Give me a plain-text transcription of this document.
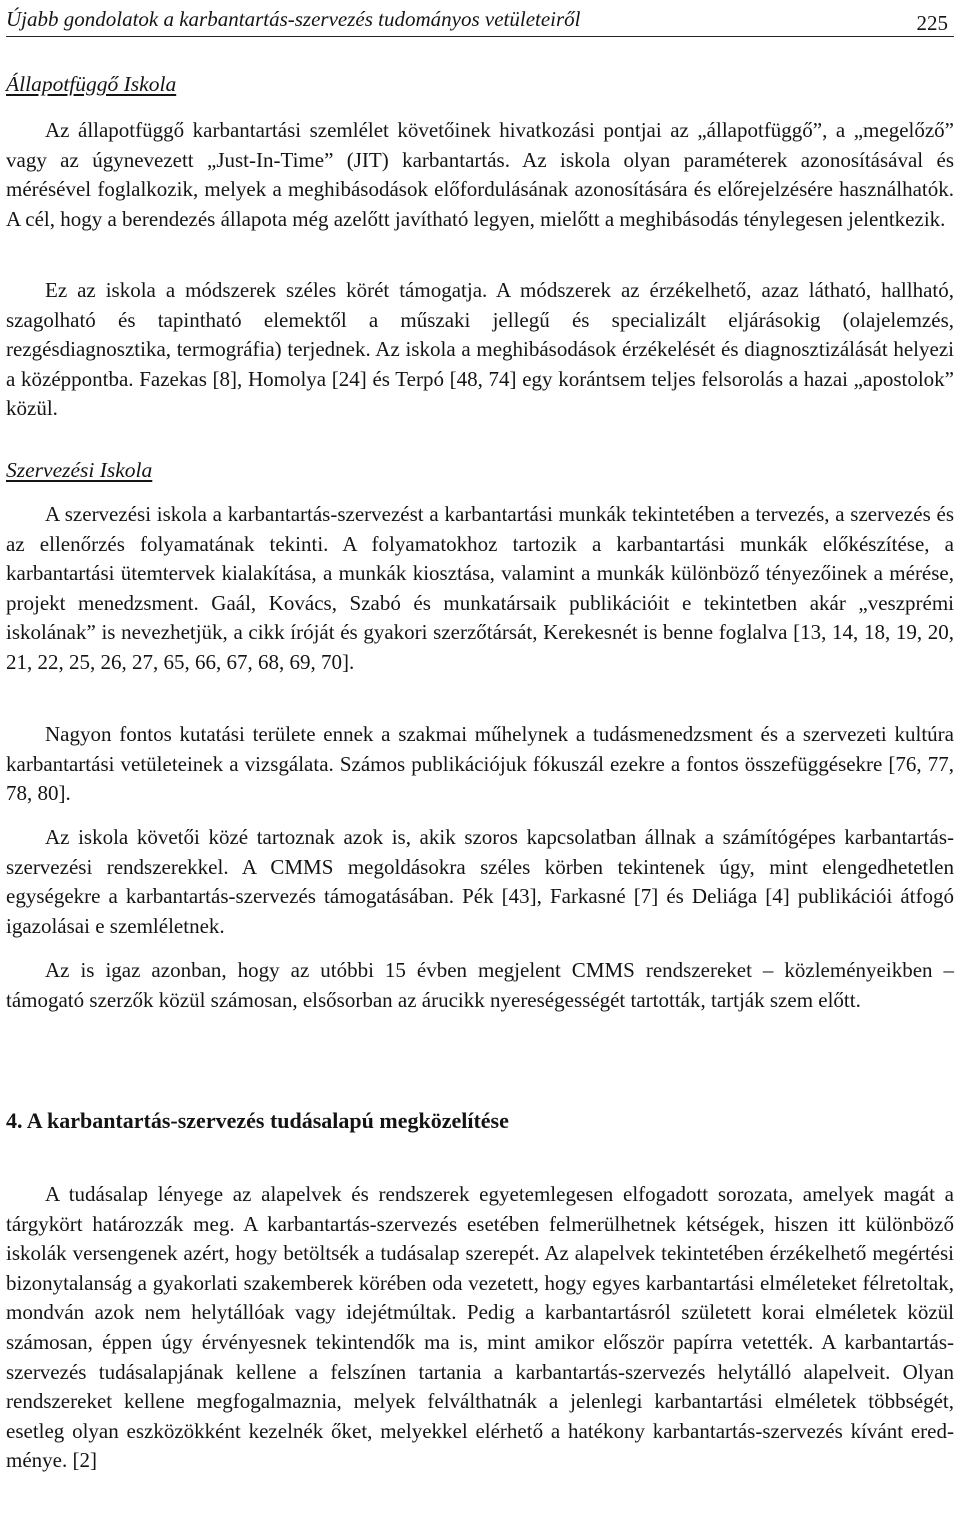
Újabb gondolatok a karbantartás-szervezés tudományos vetületeiről	225
Állapotfüggő Iskola

Az állapotfüggő karbantartási szemlélet követőinek hivatkozási pontjai az „állapotfüggő”, a „megelőző” vagy az úgynevezett „Just-In-Time” (JIT) karbantartás. Az iskola olyan paraméterek azonosításával és mérésével foglalkozik, melyek a meghibásodások előfordulásának azonosítására és előrejelzésére használhatók. A cél, hogy a berendezés állapota még azelőtt javítható legyen, mielőtt a meghibásodás ténylegesen jelentkezik.

Ez az iskola a módszerek széles körét támogatja. A módszerek az érzékelhető, azaz látható, hallható, szagolható és tapintható elemektől a műszaki jellegű és specializált eljárásokig (olajelemzés, rezgésdiagnosztika, termográfia) terjednek. Az iskola a meghibásodások érzékelését és diagnosztizálását helyezi a középpontba. Fazekas [8], Homolya [24] és Terpó [48, 74] egy korántsem teljes felsorolás a hazai „apostolok” közül.

Szervezési Iskola

A szervezési iskola a karbantartás-szervezést a karbantartási munkák tekintetében a tervezés, a szervezés és az ellenőrzés folyamatának tekinti. A folyamatokhoz tartozik a karbantartási munkák előkészítése, a karbantartási ütemtervek kialakítása, a munkák kiosztása, valamint a munkák különböző tényezőinek a mérése, projekt menedzsment. Gaál, Kovács, Szabó és munkatársaik publikációit e tekintetben akár „veszprémi iskolának” is nevezhetjük, a cikk íróját és gyakori szerzőtársát, Kerekesnét is benne foglalva [13, 14, 18, 19, 20, 21, 22, 25, 26, 27, 65, 66, 67, 68, 69, 70].

Nagyon fontos kutatási területe ennek a szakmai műhelynek a tudásmenedzsment és a szervezeti kultúra karbantartási vetületeinek a vizsgálata. Számos publikációjuk fókuszál ezekre a fontos összefüggésekre [76, 77, 78, 80].

Az iskola követői közé tartoznak azok is, akik szoros kapcsolatban állnak a számítógépes karbantartás-szervezési rendszerekkel. A CMMS megoldásokra széles körben tekintenek úgy, mint elengedhetetlen egységekre a karbantartás-szervezés támogatásában. Pék [43], Farkasné [7] és Deliága [4] publikációi átfogó igazolásai e szemléletnek.

Az is igaz azonban, hogy az utóbbi 15 évben megjelent CMMS rendszereket – közleményeikben – támogató szerzők közül számosan, elsősorban az árucikk nyereségességét tartották, tartják szem előtt.

4. A karbantartás-szervezés tudásalapú megközelítése

A tudásalap lényege az alapelvek és rendszerek egyetemlegesen elfogadott sorozata, amelyek magát a tárgykört határozzák meg. A karbantartás-szervezés esetében felmerülhetnek kétségek, hiszen itt különböző iskolák versengenek azért, hogy betöltsék a tudásalap szerepét. Az alapelvek tekintetében érzékelhető megértési bizonytalanság a gyakorlati szakemberek körében oda vezetett, hogy egyes karbantartási elméleteket félretoltak, mondván azok nem helytállóak vagy idejétmúltak. Pedig a karbantartásról született korai elméletek közül számosan, éppen úgy érvényesnek tekintendők ma is, mint amikor először papírra vetették. A karbantartás-szervezés tudásalapjának kellene a felszínen tartania a karbantartás-szervezés helytálló alapelveit. Olyan rendszereket kellene megfogalmaznia, melyek felválthatnák a jelenlegi karbantartási elméletek többségét, esetleg olyan eszközökként kezelnék őket, melyekkel elérhető a hatékony karbantartás-szervezés kívánt eredménye. [2]
